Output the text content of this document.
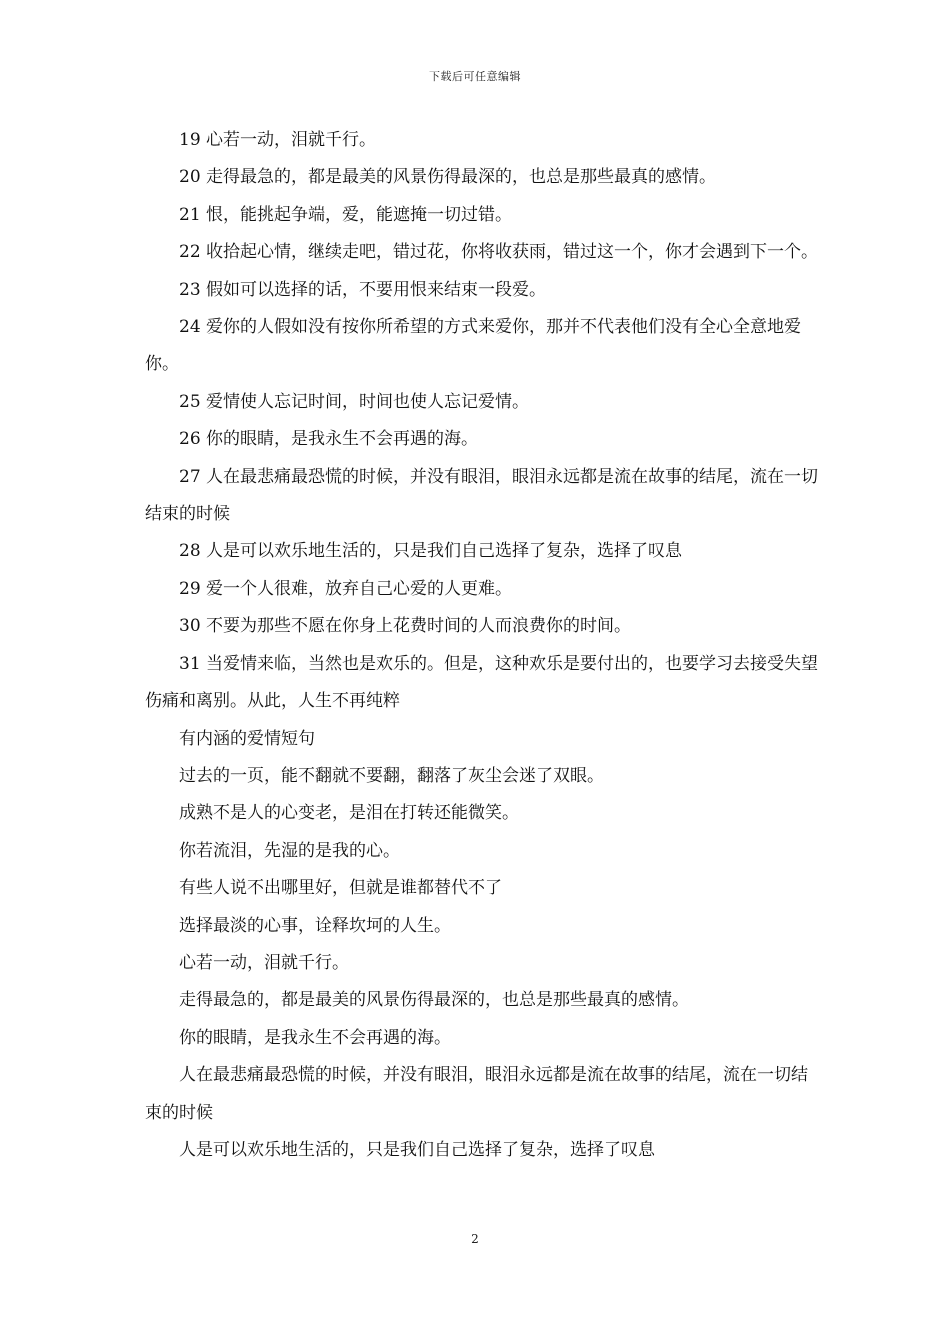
下载后可任意编辑

19 心若一动，泪就千行。

20 走得最急的，都是最美的风景伤得最深的，也总是那些最真的感情。

21 恨，能挑起争端，爱，能遮掩一切过错。

22 收拾起心情，继续走吧，错过花，你将收获雨，错过这一个，你才会遇到下一个。

23 假如可以选择的话，不要用恨来结束一段爱。

24 爱你的人假如没有按你所希望的方式来爱你，那并不代表他们没有全心全意地爱你。

25 爱情使人忘记时间，时间也使人忘记爱情。

26 你的眼睛，是我永生不会再遇的海。

27 人在最悲痛最恐慌的时候，并没有眼泪，眼泪永远都是流在故事的结尾，流在一切结束的时候

28 人是可以欢乐地生活的，只是我们自己选择了复杂，选择了叹息

29 爱一个人很难，放弃自己心爱的人更难。

30 不要为那些不愿在你身上花费时间的人而浪费你的时间。

31 当爱情来临，当然也是欢乐的。但是，这种欢乐是要付出的，也要学习去接受失望伤痛和离别。从此，人生不再纯粹

有内涵的爱情短句

过去的一页，能不翻就不要翻，翻落了灰尘会迷了双眼。

成熟不是人的心变老，是泪在打转还能微笑。

你若流泪，先湿的是我的心。

有些人说不出哪里好，但就是谁都替代不了

选择最淡的心事，诠释坎坷的人生。

心若一动，泪就千行。

走得最急的，都是最美的风景伤得最深的，也总是那些最真的感情。

你的眼睛，是我永生不会再遇的海。

人在最悲痛最恐慌的时候，并没有眼泪，眼泪永远都是流在故事的结尾，流在一切结束的时候

人是可以欢乐地生活的，只是我们自己选择了复杂，选择了叹息

2
